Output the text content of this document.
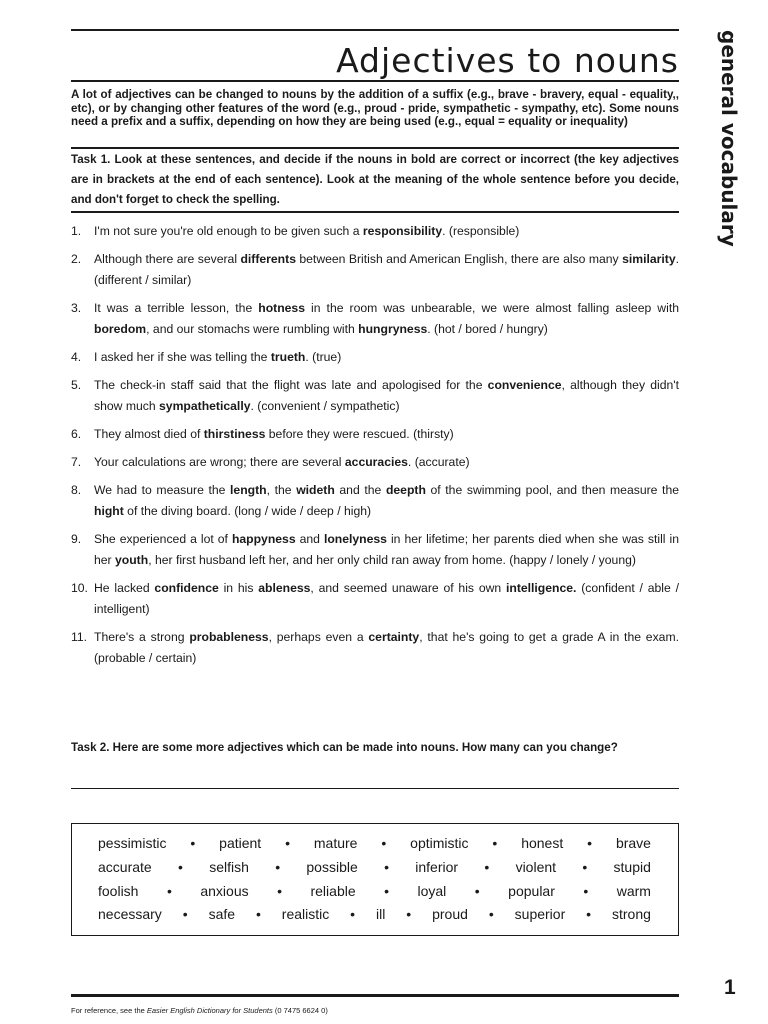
Adjectives to nouns

A lot of adjectives can be changed to nouns by the addition of a suffix (e.g., brave - bravery, equal - equality,, etc), or by changing other features of the word (e.g., proud - pride, sympathetic - sympathy, etc). Some nouns need a prefix and a suffix, depending on how they are being used (e.g., equal = equality or inequality)

Task 1. Look at these sentences, and decide if the nouns in bold are correct or incorrect (the key adjectives are in brackets at the end of each sentence). Look at the meaning of the whole sentence before you decide, and don't forget to check the spelling.

1.	I'm not sure you're old enough to be given such a responsibility. (responsible)
2.	Although there are several differents between British and American English, there are also many similarity. (different / similar)
3.	It was a terrible lesson, the hotness in the room was unbearable, we were almost falling asleep with boredom, and our stomachs were rumbling with hungryness. (hot / bored / hungry)
4.	I asked her if she was telling the trueth. (true)
5.	The check-in staff said that the flight was late and apologised for the convenience, although they didn't show much sympathetically. (convenient / sympathetic)
6.	They almost died of thirstiness before they were rescued. (thirsty)
7.	Your calculations are wrong; there are several accuracies. (accurate)
8.	We had to measure the length, the wideth and the deepth of the swimming pool, and then measure the hight of the diving board. (long / wide / deep / high)
9.	She experienced a lot of happyness and lonelyness in her lifetime; her parents died when she was still in her youth, her first husband left her, and her only child ran away from home. (happy / lonely / young)
10. He lacked confidence in his ableness, and seemed unaware of his own intelligence. (confident / able / intelligent)
11. There's a strong probableness, perhaps even a certainty, that he's going to get a grade A in the exam. (probable / certain)

Task 2. Here are some more adjectives which can be made into nouns. How many can you change?

pessimistic • patient • mature • optimistic • honest • brave
accurate • selfish • possible • inferior • violent • stupid
foolish • anxious • reliable • loyal • popular • warm
necessary • safe • realistic • ill • proud • superior • strong
For reference, see the Easier English Dictionary for Students (0 7475 6624 0)
general vocabulary
1
